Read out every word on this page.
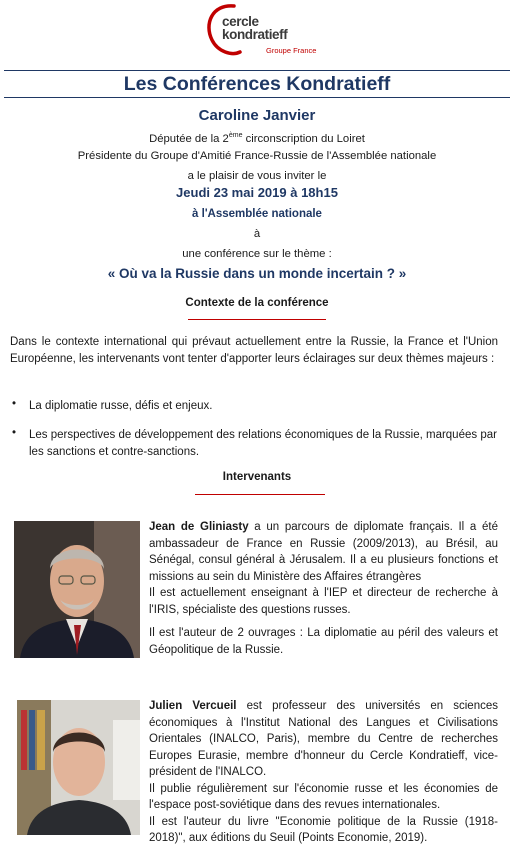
cercle
kondratieff
Groupe France
Les Conférences Kondratieff
Caroline Janvier
Députée de la 2ème circonscription du Loiret
Présidente du Groupe d'Amitié France-Russie de l'Assemblée nationale
a le plaisir de vous inviter le
Jeudi 23 mai 2019 à 18h15
à l'Assemblée nationale
à
une conférence sur le thème :
« Où va la Russie dans un monde incertain ? »
Contexte de la conférence
Dans le contexte international qui prévaut actuellement entre la Russie, la France et l'Union Européenne, les intervenants vont tenter d'apporter leurs éclairages sur deux thèmes majeurs :
• La diplomatie russe, défis et enjeux.
• Les perspectives de développement des relations économiques de la Russie, marquées par les sanctions et contre-sanctions.
Intervenants
Jean de Gliniasty a un parcours de diplomate français. Il a été ambassadeur de France en Russie (2009/2013), au Brésil, au Sénégal, consul général à Jérusalem. Il a eu plusieurs fonctions et missions au sein du Ministère des Affaires étrangères
Il est actuellement enseignant à l'IEP et directeur de recherche à l'IRIS, spécialiste des questions russes.
Il est l'auteur de 2 ouvrages : La diplomatie au péril des valeurs et Géopolitique de la Russie.
Julien Vercueil est professeur des universités en sciences économiques à l'Institut National des Langues et Civilisations Orientales (INALCO, Paris), membre du Centre de recherches Europes Eurasie, membre d'honneur du Cercle Kondratieff, vice-président de l'INALCO.
Il publie régulièrement sur l'économie russe et les économies de l'espace post-soviétique dans des revues internationales.
Il est l'auteur du livre "Economie politique de la Russie (1918-2018)", aux éditions du Seuil (Points Economie, 2019).
